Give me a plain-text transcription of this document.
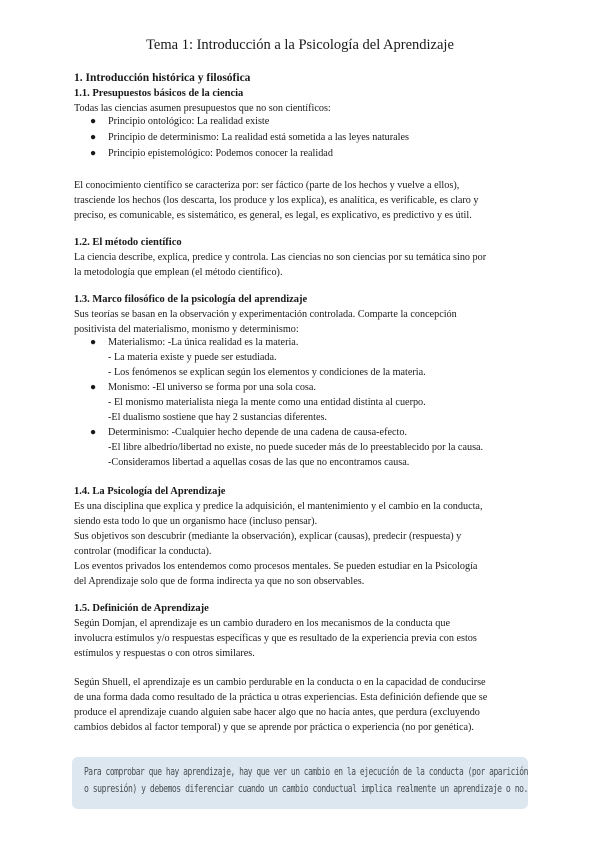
Tema 1: Introducción a la Psicología del Aprendizaje
1. Introducción histórica y filosófica
1.1. Presupuestos básicos de la ciencia
Todas las ciencias asumen presupuestos que no son científicos:
● Principio ontológico: La realidad existe
● Principio de determinismo: La realidad está sometida a las leyes naturales
● Principio epistemológico: Podemos conocer la realidad
El conocimiento científico se caracteriza por: ser fáctico (parte de los hechos y vuelve a ellos),
trasciende los hechos (los descarta, los produce y los explica), es analítica, es verificable, es claro y
preciso, es comunicable, es sistemático, es general, es legal, es explicativo, es predictivo y es útil.
1.2. El método científico
La ciencia describe, explica, predice y controla. Las ciencias no son ciencias por su temática sino por
la metodología que emplean (el método científico).
1.3. Marco filosófico de la psicología del aprendizaje
Sus teorías se basan en la observación y experimentación controlada. Comparte la concepción
positivista del materialismo, monismo y determinismo:
● Materialismo: -La única realidad es la materia.
- La materia existe y puede ser estudiada.
- Los fenómenos se explican según los elementos y condiciones de la materia.
● Monismo: -El universo se forma por una sola cosa.
- El monismo materialista niega la mente como una entidad distinta al cuerpo.
-El dualismo sostiene que hay 2 sustancias diferentes.
● Determinismo: -Cualquier hecho depende de una cadena de causa-efecto.
-El libre albedrío/libertad no existe, no puede suceder más de lo preestablecido por la causa.
-Consideramos libertad a aquellas cosas de las que no encontramos causa.
1.4. La Psicología del Aprendizaje
Es una disciplina que explica y predice la adquisición, el mantenimiento y el cambio en la conducta,
siendo esta todo lo que un organismo hace (incluso pensar).
Sus objetivos son descubrir (mediante la observación), explicar (causas), predecir (respuesta) y
controlar (modificar la conducta).
Los eventos privados los entendemos como procesos mentales. Se pueden estudiar en la Psicología
del Aprendizaje solo que de forma indirecta ya que no son observables.
1.5. Definición de Aprendizaje
Según Domjan, el aprendizaje es un cambio duradero en los mecanismos de la conducta que
involucra estímulos y/o respuestas específicas y que es resultado de la experiencia previa con estos
estímulos y respuestas o con otros similares.
Según Shuell, el aprendizaje es un cambio perdurable en la conducta o en la capacidad de conducirse
de una forma dada como resultado de la práctica u otras experiencias. Esta definición defiende que se
produce el aprendizaje cuando alguien sabe hacer algo que no hacía antes, que perdura (excluyendo
cambios debidos al factor temporal) y que se aprende por práctica o experiencia (no por genética).
Para comprobar que hay aprendizaje, hay que ver un cambio en la ejecución de la conducta (por aparición
o supresión) y debemos diferenciar cuando un cambio conductual implica realmente un aprendizaje o no.
